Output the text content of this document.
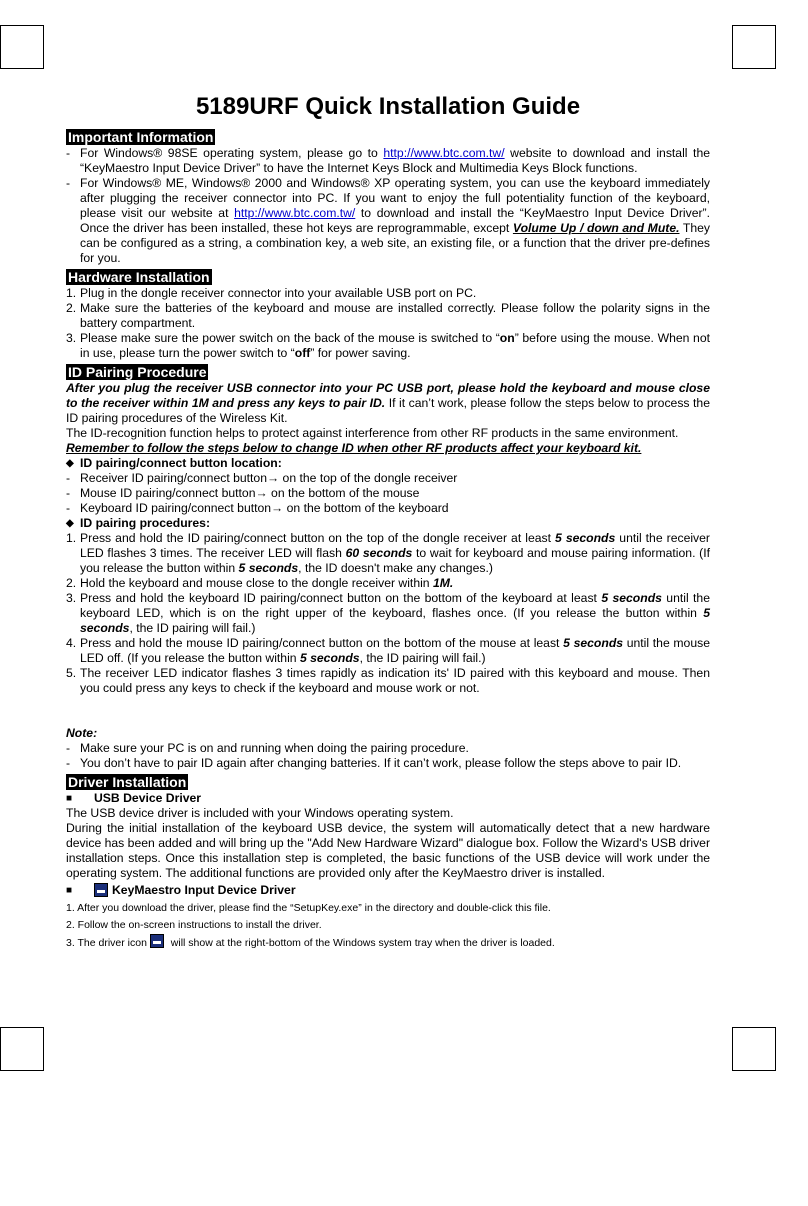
5189URF Quick Installation Guide
Important Information
- For Windows® 98SE operating system, please go to http://www.btc.com.tw/ website to download and install the “KeyMaestro Input Device Driver” to have the Internet Keys Block and Multimedia Keys Block functions.
- For Windows® ME, Windows® 2000 and Windows® XP operating system, you can use the keyboard immediately after plugging the receiver connector into PC. If you want to enjoy the full potentiality function of the keyboard, please visit our website at http://www.btc.com.tw/ to download and install the “KeyMaestro Input Device Driver”. Once the driver has been installed, these hot keys are reprogrammable, except Volume Up / down and Mute. They can be configured as a string, a combination key, a web site, an existing file, or a function that the driver pre-defines for you.
Hardware Installation
1. Plug in the dongle receiver connector into your available USB port on PC.
2. Make sure the batteries of the keyboard and mouse are installed correctly. Please follow the polarity signs in the battery compartment.
3. Please make sure the power switch on the back of the mouse is switched to “on” before using the mouse. When not in use, please turn the power switch to “off” for power saving.
ID Pairing Procedure

After you plug the receiver USB connector into your PC USB port, please hold the keyboard and mouse close to the receiver within 1M and press any keys to pair ID. If it can’t work, please follow the steps below to process the ID pairing procedures of the Wireless Kit.

The ID-recognition function helps to protect against interference from other RF products in the same environment.

Remember to follow the steps below to change ID when other RF products affect your keyboard kit.

◆ ID pairing/connect button location:
- Receiver ID pairing/connect button→ on the top of the dongle receiver
- Mouse ID pairing/connect button→ on the bottom of the mouse
- Keyboard ID pairing/connect button→ on the bottom of the keyboard
◆ ID pairing procedures:
1. Press and hold the ID pairing/connect button on the top of the dongle receiver at least 5 seconds until the receiver LED flashes 3 times. The receiver LED will flash 60 seconds to wait for keyboard and mouse pairing information. (If you release the button within 5 seconds, the ID doesn't make any changes.)
2. Hold the keyboard and mouse close to the dongle receiver within 1M.
3. Press and hold the keyboard ID pairing/connect button on the bottom of the keyboard at least 5 seconds until the keyboard LED, which is on the right upper of the keyboard, flashes once. (If you release the button within 5 seconds, the ID pairing will fail.)
4. Press and hold the mouse ID pairing/connect button on the bottom of the mouse at least 5 seconds until the mouse LED off. (If you release the button within 5 seconds, the ID pairing will fail.)
5. The receiver LED indicator flashes 3 times rapidly as indication its' ID paired with this keyboard and mouse. Then you could press any keys to check if the keyboard and mouse work or not.

Note:

- Make sure your PC is on and running when doing the pairing procedure.
- You don’t have to pair ID again after changing batteries. If it can’t work, please follow the steps above to pair ID.
Driver Installation
■	USB Device Driver

The USB device driver is included with your Windows operating system.

During the initial installation of the keyboard USB device, the system will automatically detect that a new hardware device has been added and will bring up the "Add New Hardware Wizard" dialogue box. Follow the Wizard's USB driver installation steps. Once this installation step is completed, the basic functions of the USB device will work under the operating system. The additional functions are provided only after the KeyMaestro driver is installed.

■	KeyMaestro Input Device Driver
1. After you download the driver, please find the “SetupKey.exe” in the directory and double-click this file.
2. Follow the on-screen instructions to install the driver.
3. The driver icon  will show at the right-bottom of the Windows system tray when the driver is loaded.
